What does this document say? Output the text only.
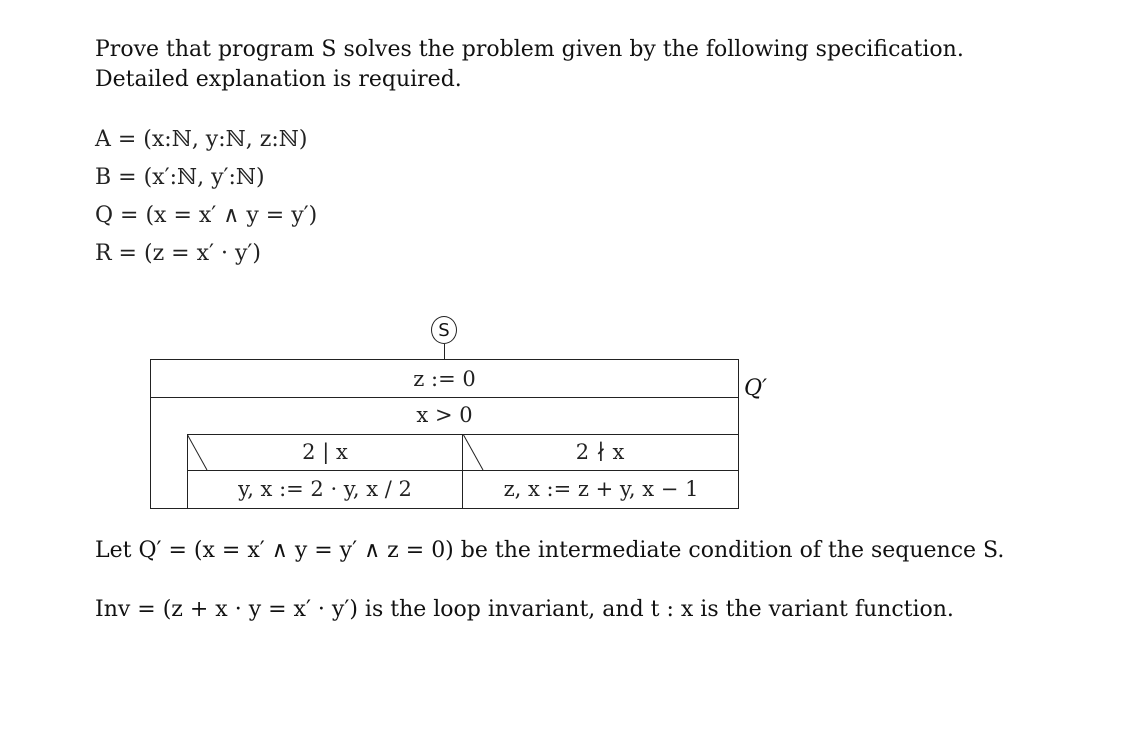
Prove that program S solves the problem given by the following specification.
Detailed explanation is required.
A = (x:ℕ, y:ℕ, z:ℕ)
B = (x′:ℕ, y′:ℕ)
Q = (x = x′ ∧ y = y′)
R = (z = x′ · y′)
S
z := 0
x > 0
2 | x	2 ∤ x
y, x := 2 · y, x / 2	z, x := z + y, x − 1
Q′
Let Q′ = (x = x′ ∧ y = y′ ∧ z = 0) be the intermediate condition of the sequence S.
Inv = (z + x · y = x′ · y′) is the loop invariant, and t : x is the variant function.
